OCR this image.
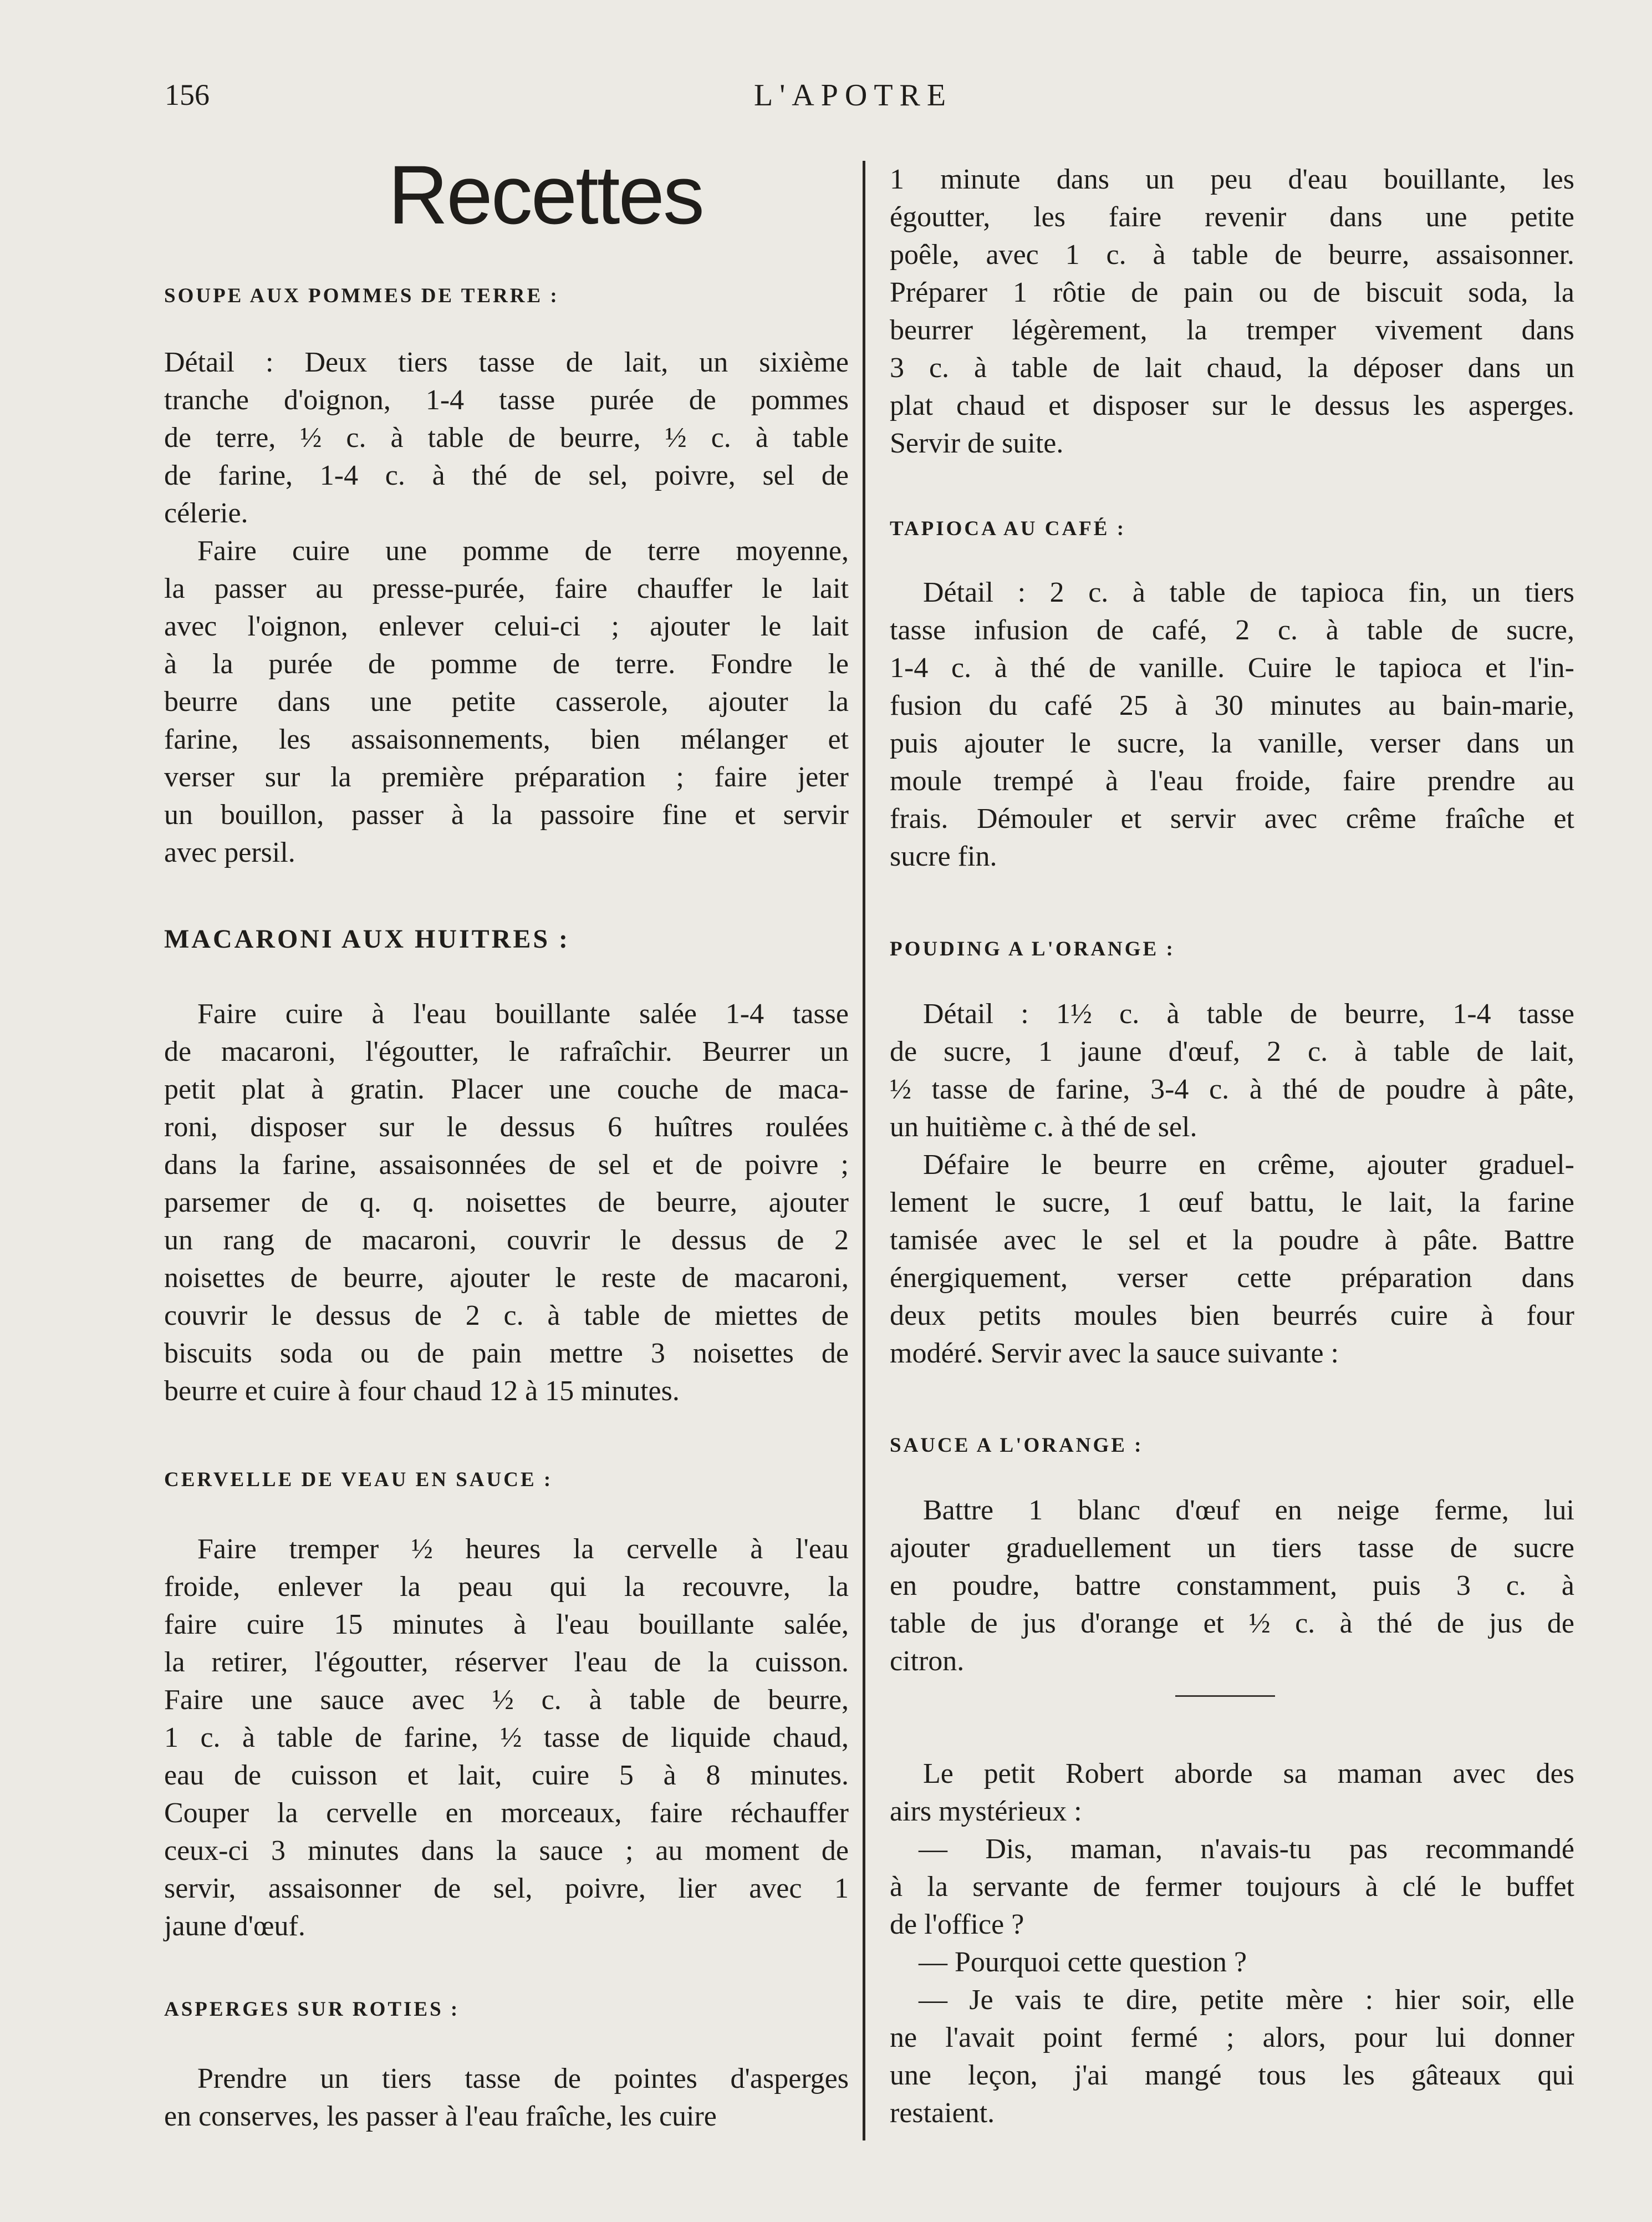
156	L'APOTRE
Recettes
SOUPE AUX POMMES DE TERRE :
Détail : Deux tiers tasse de lait, un sixième
tranche d'oignon, 1-4 tasse purée de pommes
de terre, ½ c. à table de beurre, ½ c. à table
de farine, 1-4 c. à thé de sel, poivre, sel de
célerie.
Faire cuire une pomme de terre moyenne,
la passer au presse-purée, faire chauffer le lait
avec l'oignon, enlever celui-ci ; ajouter le lait
à la purée de pomme de terre. Fondre le
beurre dans une petite casserole, ajouter la
farine, les assaisonnements, bien mélanger et
verser sur la première préparation ; faire jeter
un bouillon, passer à la passoire fine et servir
avec persil.
MACARONI AUX HUITRES :
Faire cuire à l'eau bouillante salée 1-4 tasse
de macaroni, l'égoutter, le rafraîchir. Beurrer un
petit plat à gratin. Placer une couche de maca-
roni, disposer sur le dessus 6 huîtres roulées
dans la farine, assaisonnées de sel et de poivre ;
parsemer de q. q. noisettes de beurre, ajouter
un rang de macaroni, couvrir le dessus de 2
noisettes de beurre, ajouter le reste de macaroni,
couvrir le dessus de 2 c. à table de miettes de
biscuits soda ou de pain mettre 3 noisettes de
beurre et cuire à four chaud 12 à 15 minutes.
CERVELLE DE VEAU EN SAUCE :
Faire tremper ½ heures la cervelle à l'eau
froide, enlever la peau qui la recouvre, la
faire cuire 15 minutes à l'eau bouillante salée,
la retirer, l'égoutter, réserver l'eau de la cuisson.
Faire une sauce avec ½ c. à table de beurre,
1 c. à table de farine, ½ tasse de liquide chaud,
eau de cuisson et lait, cuire 5 à 8 minutes.
Couper la cervelle en morceaux, faire réchauffer
ceux-ci 3 minutes dans la sauce ; au moment de
servir, assaisonner de sel, poivre, lier avec 1
jaune d'œuf.
ASPERGES SUR ROTIES :
Prendre un tiers tasse de pointes d'asperges
en conserves, les passer à l'eau fraîche, les cuire
1 minute dans un peu d'eau bouillante, les
égoutter, les faire revenir dans une petite
poêle, avec 1 c. à table de beurre, assaisonner.
Préparer 1 rôtie de pain ou de biscuit soda, la
beurrer légèrement, la tremper vivement dans
3 c. à table de lait chaud, la déposer dans un
plat chaud et disposer sur le dessus les asperges.
Servir de suite.
TAPIOCA AU CAFÉ :
Détail : 2 c. à table de tapioca fin, un tiers
tasse infusion de café, 2 c. à table de sucre,
1-4 c. à thé de vanille. Cuire le tapioca et l'in-
fusion du café 25 à 30 minutes au bain-marie,
puis ajouter le sucre, la vanille, verser dans un
moule trempé à l'eau froide, faire prendre au
frais. Démouler et servir avec crême fraîche et
sucre fin.
POUDING A L'ORANGE :
Détail : 1½ c. à table de beurre, 1-4 tasse
de sucre, 1 jaune d'œuf, 2 c. à table de lait,
½ tasse de farine, 3-4 c. à thé de poudre à pâte,
un huitième c. à thé de sel.
Défaire le beurre en crême, ajouter graduel-
lement le sucre, 1 œuf battu, le lait, la farine
tamisée avec le sel et la poudre à pâte. Battre
énergiquement, verser cette préparation dans
deux petits moules bien beurrés cuire à four
modéré. Servir avec la sauce suivante :
SAUCE A L'ORANGE :
Battre 1 blanc d'œuf en neige ferme, lui
ajouter graduellement un tiers tasse de sucre
en poudre, battre constamment, puis 3 c. à
table de jus d'orange et ½ c. à thé de jus de
citron.
Le petit Robert aborde sa maman avec des
airs mystérieux :
— Dis, maman, n'avais-tu pas recommandé
à la servante de fermer toujours à clé le buffet
de l'office ?
— Pourquoi cette question ?
— Je vais te dire, petite mère : hier soir, elle
ne l'avait point fermé ; alors, pour lui donner
une leçon, j'ai mangé tous les gâteaux qui
restaient.
